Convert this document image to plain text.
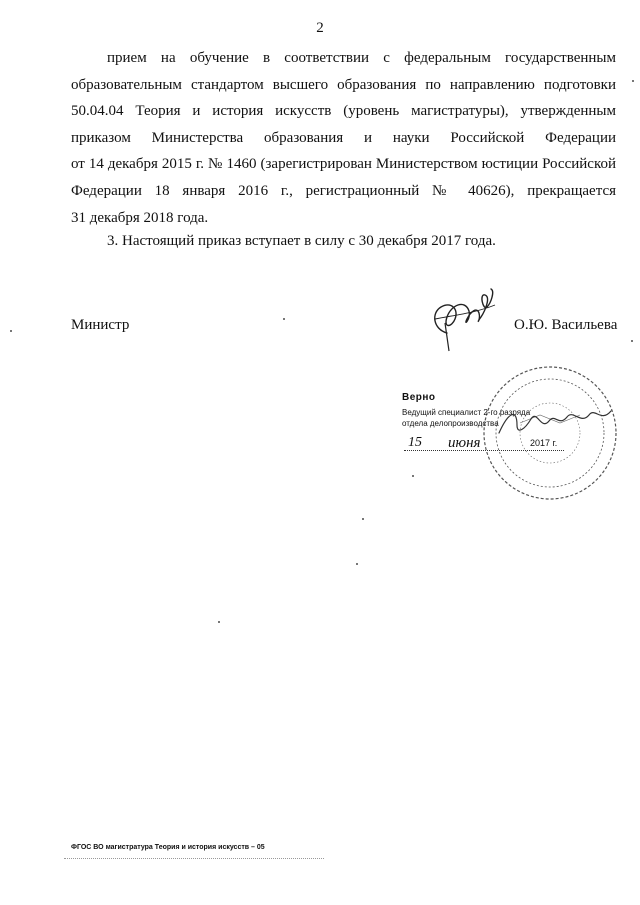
2
прием на обучение в соответствии с федеральным государственным
образовательным стандартом высшего образования по направлению подготовки
50.04.04 Теория и история искусств (уровень магистратуры), утвержденным
приказом Министерства образования и науки Российской Федерации
от 14 декабря 2015 г. № 1460 (зарегистрирован Министерством юстиции Российской
Федерации 18 января 2016 г., регистрационный № 40626), прекращается
31 декабря 2018 года.
3. Настоящий приказ вступает в силу с 30 декабря 2017 года.
Министр	О.Ю. Васильева
Верно
Ведущий специалист 2-го разряда
отдела делопроизводства
15 июня	2017 г.
ФГОС ВО магистратура Теория и история искусств – 05
